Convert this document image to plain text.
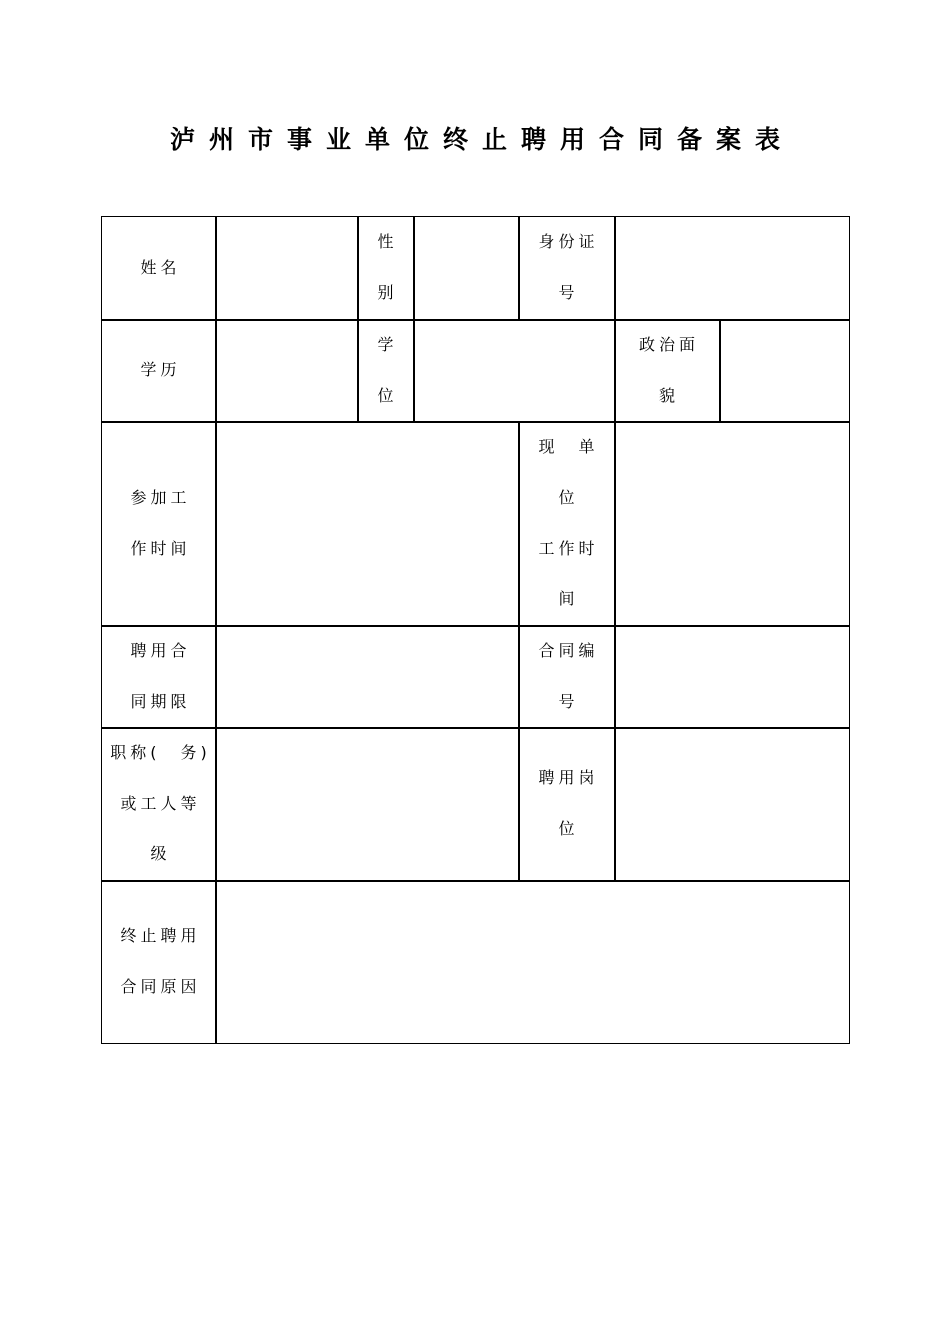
泸州市事业单位终止聘用合同备案表
姓名
性
别
身份证
号
学历
学
位
政治面
貌
参加工
作时间
现　单
位
工作时
间
聘用合
同期限
合同编
号
职称(　务)
或工人等
级
聘用岗
位
终止聘用
合同原因
